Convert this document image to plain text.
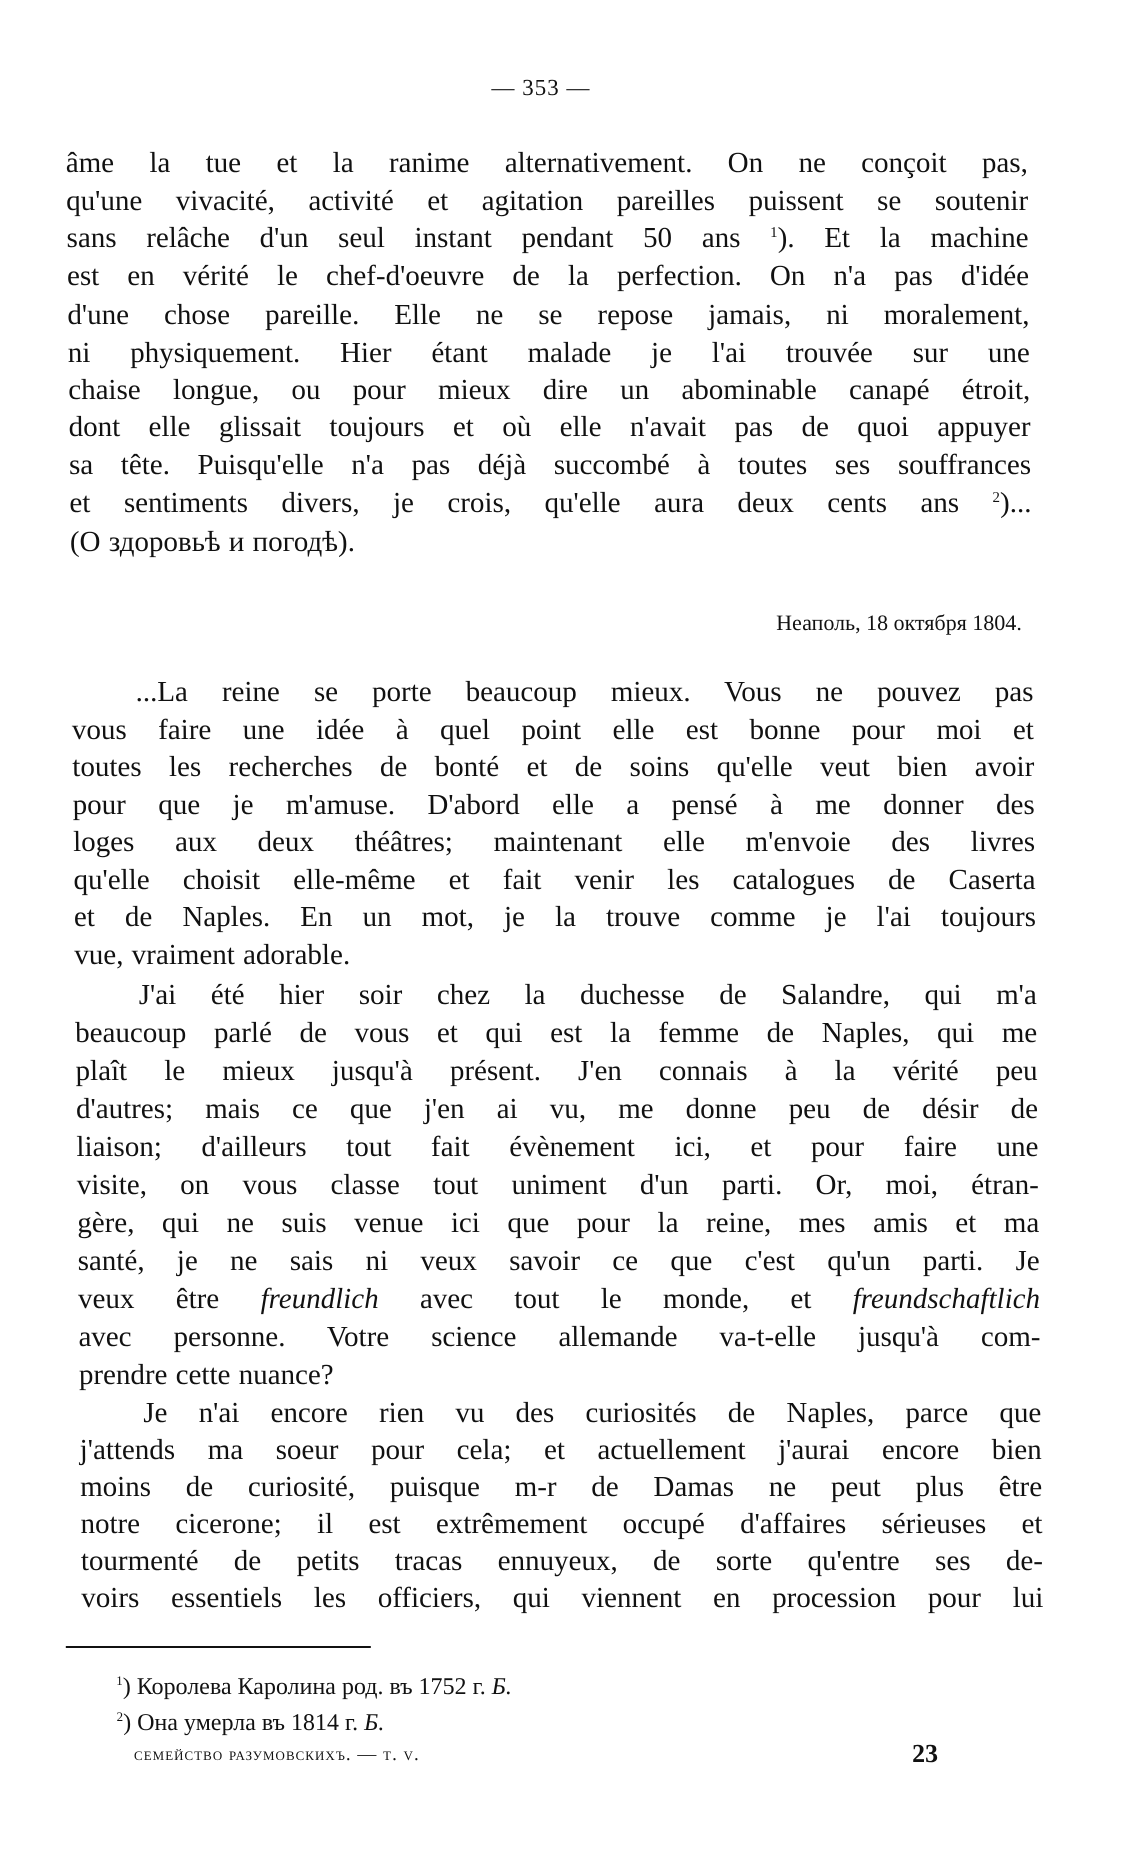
— 353 —
âme la tue et la ranime alternativement. On ne conçoit pas,
qu'une vivacité, activité et agitation pareilles puissent se soutenir
sans relâche d'un seul instant pendant 50 ans $^1$). Et la machine
est en vérité le chef-d'oeuvre de la perfection. On n'a pas d'idée
d'une chose pareille. Elle ne se repose jamais, ni moralement,
ni physiquement. Hier étant malade je l'ai trouvée sur une
chaise longue, ou pour mieux dire un abominable canapé étroit,
dont elle glissait toujours et où elle n'avait pas de quoi appuyer
sa tête. Puisqu'elle n'a pas déjà succombé à toutes ses souffrances
et sentiments divers, je crois, qu'elle aura deux cents ans $^2$)...
(О здоровьѣ и погодѣ).
Неаполь, 18 октября 1804.
...La reine se porte beaucoup mieux. Vous ne pouvez pas
vous faire une idée à quel point elle est bonne pour moi et
toutes les recherches de bonté et de soins qu'elle veut bien avoir
pour que je m'amuse. D'abord elle a pensé à me donner des
loges aux deux théâtres; maintenant elle m'envoie des livres
qu'elle choisit elle-même et fait venir les catalogues de Caserta
et de Naples. En un mot, je la trouve comme je l'ai toujours
vue, vraiment adorable.
J'ai été hier soir chez la duchesse de Salandre, qui m'a
beaucoup parlé de vous et qui est la femme de Naples, qui me
plaît le mieux jusqu'à présent. J'en connais à la vérité peu
d'autres; mais ce que j'en ai vu, me donne peu de désir de
liaison; d'ailleurs tout fait évènement ici, et pour faire une
visite, on vous classe tout uniment d'un parti. Or, moi, étran-
gère, qui ne suis venue ici que pour la reine, mes amis et ma
santé, je ne sais ni veux savoir ce que c'est qu'un parti. Je
veux être freundlich avec tout le monde, et freundschaftlich
avec personne. Votre science allemande va-t-elle jusqu'à com-
prendre cette nuance?
Je n'ai encore rien vu des curiosités de Naples, parce que
j'attends ma soeur pour cela; et actuellement j'aurai encore bien
moins de curiosité, puisque m-r de Damas ne peut plus être
notre cicerone; il est extrêmement occupé d'affaires sérieuses et
tourmenté de petits tracas ennuyeux, de sorte qu'entre ses de-
voirs essentiels les officiers, qui viennent en procession pour lui
$^1$) Королева Каролина род. въ 1752 г. Б.
$^2$) Она умерла въ 1814 г. Б.
семейство разумовскихъ. — т. v.	23
